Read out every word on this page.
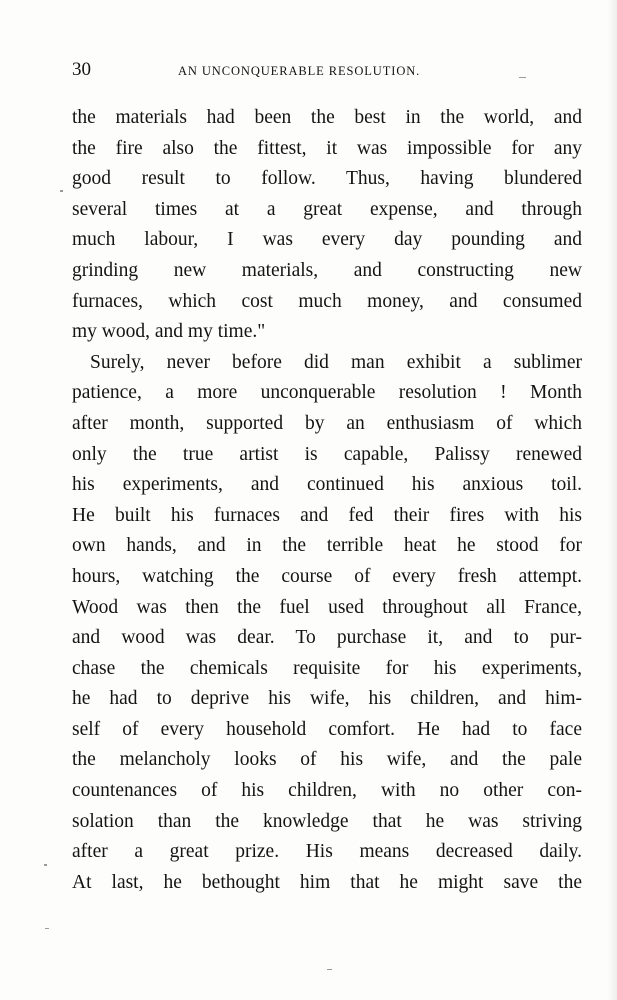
30	AN UNCONQUERABLE RESOLUTION.
the materials had been the best in the world, and
the fire also the fittest, it was impossible for any
good result to follow. Thus, having blundered
several times at a great expense, and through
much labour, I was every day pounding and
grinding new materials, and constructing new
furnaces, which cost much money, and consumed
my wood, and my time."
Surely, never before did man exhibit a sublimer
patience, a more unconquerable resolution ! Month
after month, supported by an enthusiasm of which
only the true artist is capable, Palissy renewed
his experiments, and continued his anxious toil.
He built his furnaces and fed their fires with his
own hands, and in the terrible heat he stood for
hours, watching the course of every fresh attempt.
Wood was then the fuel used throughout all France,
and wood was dear. To purchase it, and to pur-
chase the chemicals requisite for his experiments,
he had to deprive his wife, his children, and him-
self of every household comfort. He had to face
the melancholy looks of his wife, and the pale
countenances of his children, with no other con-
solation than the knowledge that he was striving
after a great prize. His means decreased daily.
At last, he bethought him that he might save the
